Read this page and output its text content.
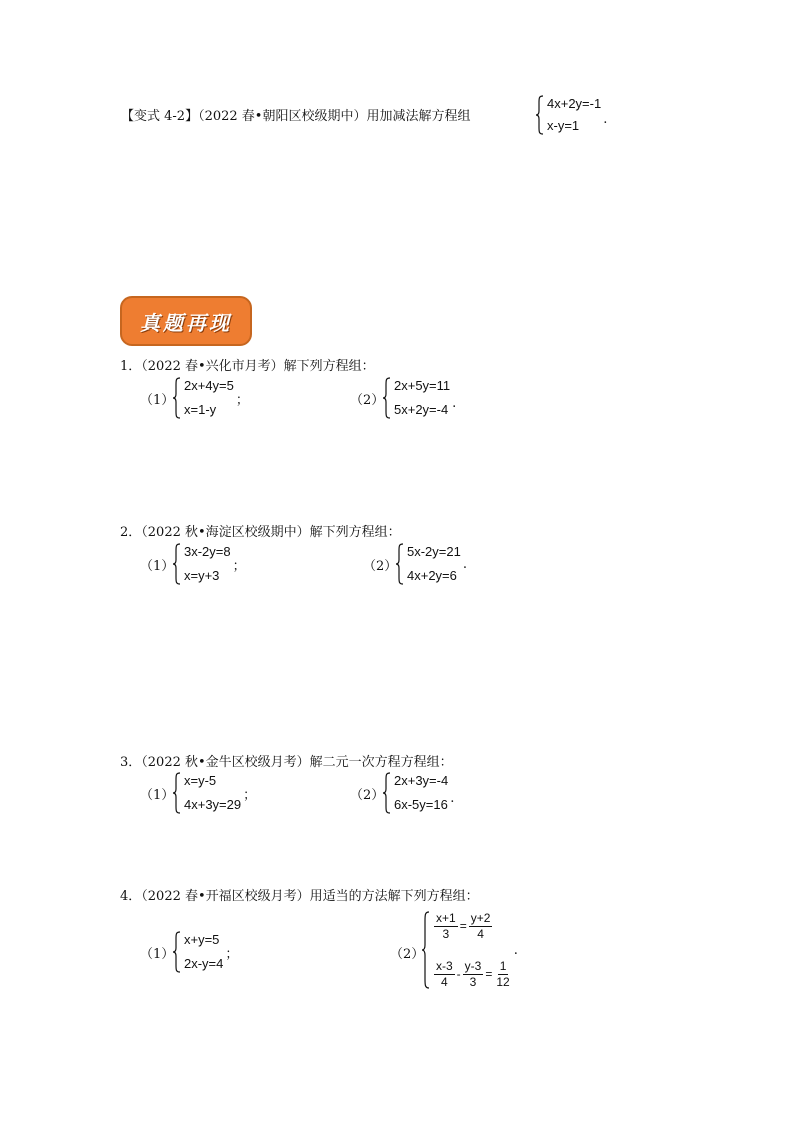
【变式 4-2】（2022 春•朝阳区校级期中）用加减法解方程组
4x+2y=-1
x-y=1	.
真题再现
1．（2022 春•兴化市月考）解下列方程组：
（1）
2x+4y=5
x=1-y
；	（2）
2x+5y=11
5x+2y=-4 .
2．（2022 秋•海淀区校级期中）解下列方程组：
（1）
3x-2y=8
x=y+3
；	（2）
5x-2y=21
4x+2y=6
.
3．（2022 秋•金牛区校级月考）解二元一次方程方程组：
（1）
x=y-5
4x+3y=29
；	（2）
2x+3y=-4
6x-5y=16 .
4．（2022 春•开福区校级月考）用适当的方法解下列方程组：
（1）
x+y=5
2x-y=4
；	（2）
$\frac{x+1}{3} = \frac{y+2}{4}$
$\frac{x-3}{4} - \frac{y-3}{3} = \frac{1}{12}$
.
